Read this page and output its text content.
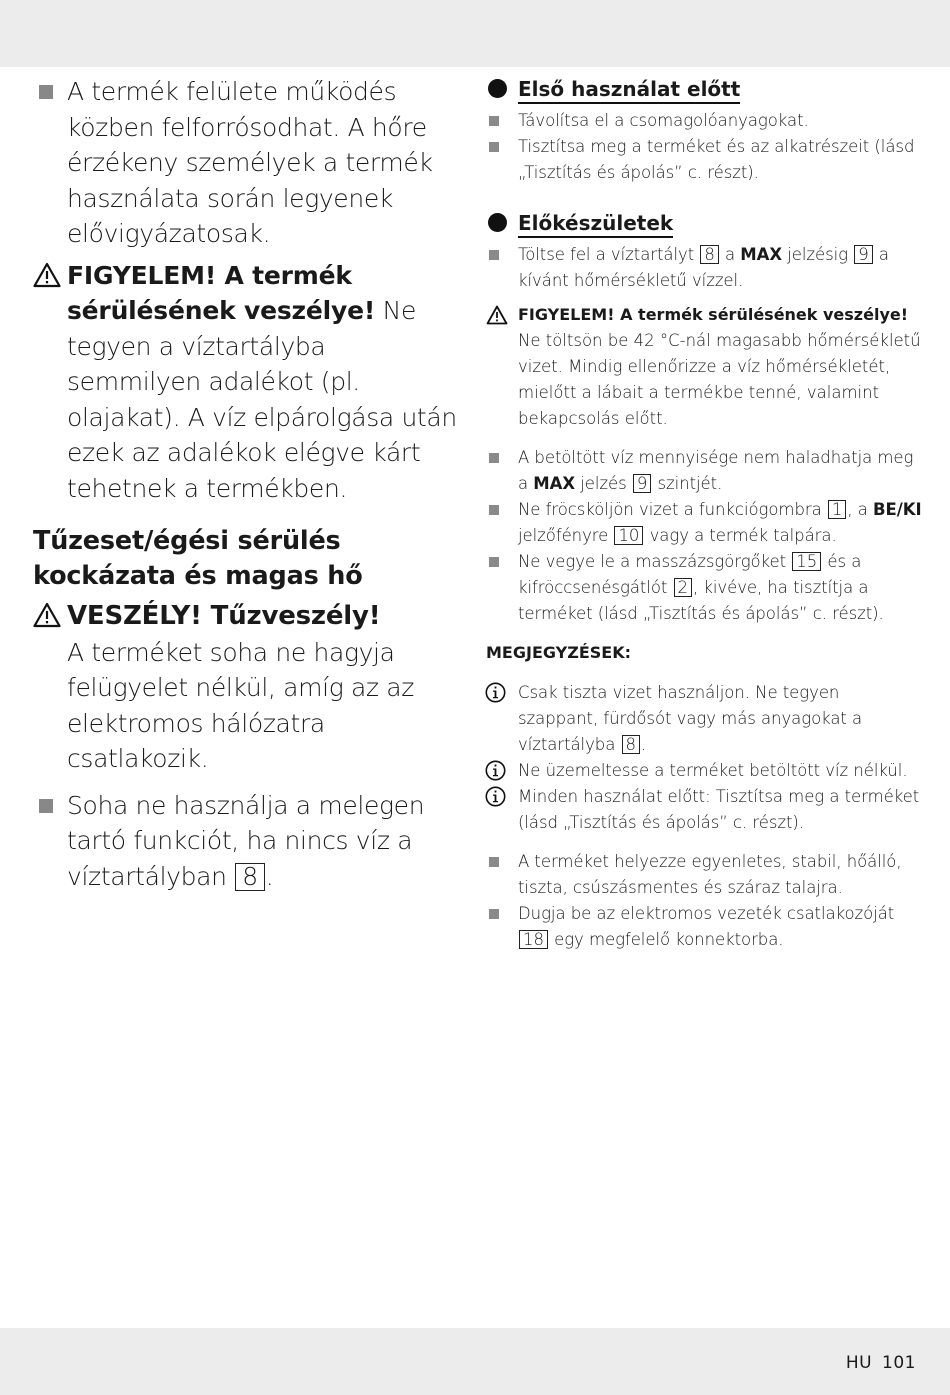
A termék felülete működés közben felforrósodhat. A hőre érzékeny személyek a termék használata során legyenek elővigyázatosak.
FIGYELEM! A termék sérülésének veszélye! Ne tegyen a víztartályba semmilyen adalékot (pl. olajakat). A víz elpárolgása után ezek az adalékok elégve kárt tehetnek a termékben.
Tűzeset/égési sérülés kockázata és magas hő
VESZÉLY! Tűzveszély!
A terméket soha ne hagyja felügyelet nélkül, amíg az az elektromos hálózatra csatlakozik.
Soha ne használja a melegen tartó funkciót, ha nincs víz a víztartályban 8 .
Első használat előtt
Távolítsa el a csomagolóanyagokat.
Tisztítsa meg a terméket és az alkatrészeit (lásd „Tisztítás és ápolás” c. részt).
Előkészületek
Töltse fel a víztartályt 8 a MAX jelzésig 9 a kívánt hőmérsékletű vízzel.
FIGYELEM! A termék sérülésének veszélye!
Ne töltsön be 42 °C-nál magasabb hőmérsékletű vizet. Mindig ellenőrizze a víz hőmérsékletét, mielőtt a lábait a termékbe tenné, valamint bekapcsolás előtt.
A betöltött víz mennyisége nem haladhatja meg a MAX jelzés 9 szintjét.
Ne fröcsköljön vizet a funkciógombra 1 , a BE/KI jelzőfényre 10 vagy a termék talpára.
Ne vegye le a masszázsgörgőket 15 és a kifröccsenésgátlót 2 , kivéve, ha tisztítja a terméket (lásd „Tisztítás és ápolás” c. részt).
MEGJEGYZÉSEK:
Csak tiszta vizet használjon. Ne tegyen szappant, fürdősót vagy más anyagokat a víztartályba 8 .
Ne üzemeltesse a terméket betöltött víz nélkül.
Minden használat előtt: Tisztítsa meg a terméket (lásd „Tisztítás és ápolás” c. részt).
A terméket helyezze egyenletes, stabil, hőálló, tiszta, csúszásmentes és száraz talajra.
Dugja be az elektromos vezeték csatlakozóját 18 egy megfelelő konnektorba.
HU 101
